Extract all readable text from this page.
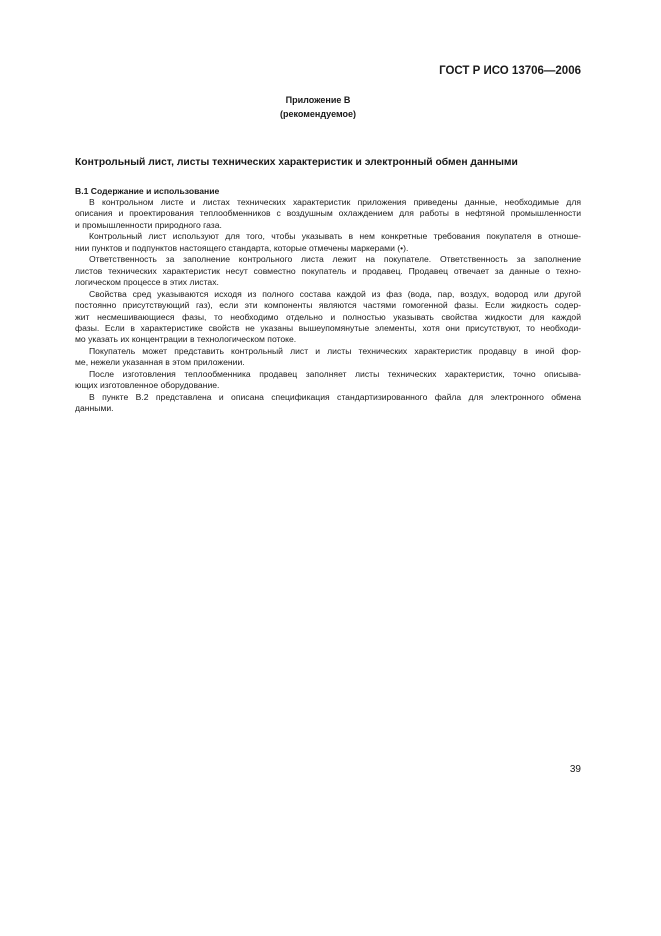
ГОСТ Р ИСО 13706—2006
Приложение В
(рекомендуемое)
Контрольный лист, листы технических характеристик и электронный обмен данными
В.1 Содержание и использование
В контрольном листе и листах технических характеристик приложения приведены данные, необходимые для
описания и проектирования теплообменников с воздушным охлаждением для работы в нефтяной промышленности
и промышленности природного газа.
Контрольный лист используют для того, чтобы указывать в нем конкретные требования покупателя в отноше-
нии пунктов и подпунктов настоящего стандарта, которые отмечены маркерами (•).
Ответственность за заполнение контрольного листа лежит на покупателе. Ответственность за заполнение
листов технических характеристик несут совместно покупатель и продавец. Продавец отвечает за данные о техно-
логическом процессе в этих листах.
Свойства сред указываются исходя из полного состава каждой из фаз (вода, пар, воздух, водород или другой
постоянно присутствующий газ), если эти компоненты являются частями гомогенной фазы. Если жидкость содер-
жит несмешивающиеся фазы, то необходимо отдельно и полностью указывать свойства жидкости для каждой
фазы. Если в характеристике свойств не указаны вышеупомянутые элементы, хотя они присутствуют, то необходи-
мо указать их концентрации в технологическом потоке.
Покупатель может представить контрольный лист и листы технических характеристик продавцу в иной фор-
ме, нежели указанная в этом приложении.
После изготовления теплообменника продавец заполняет листы технических характеристик, точно описыва-
ющих изготовленное оборудование.
В пункте В.2 представлена и описана спецификация стандартизированного файла для электронного обмена
данными.
39
